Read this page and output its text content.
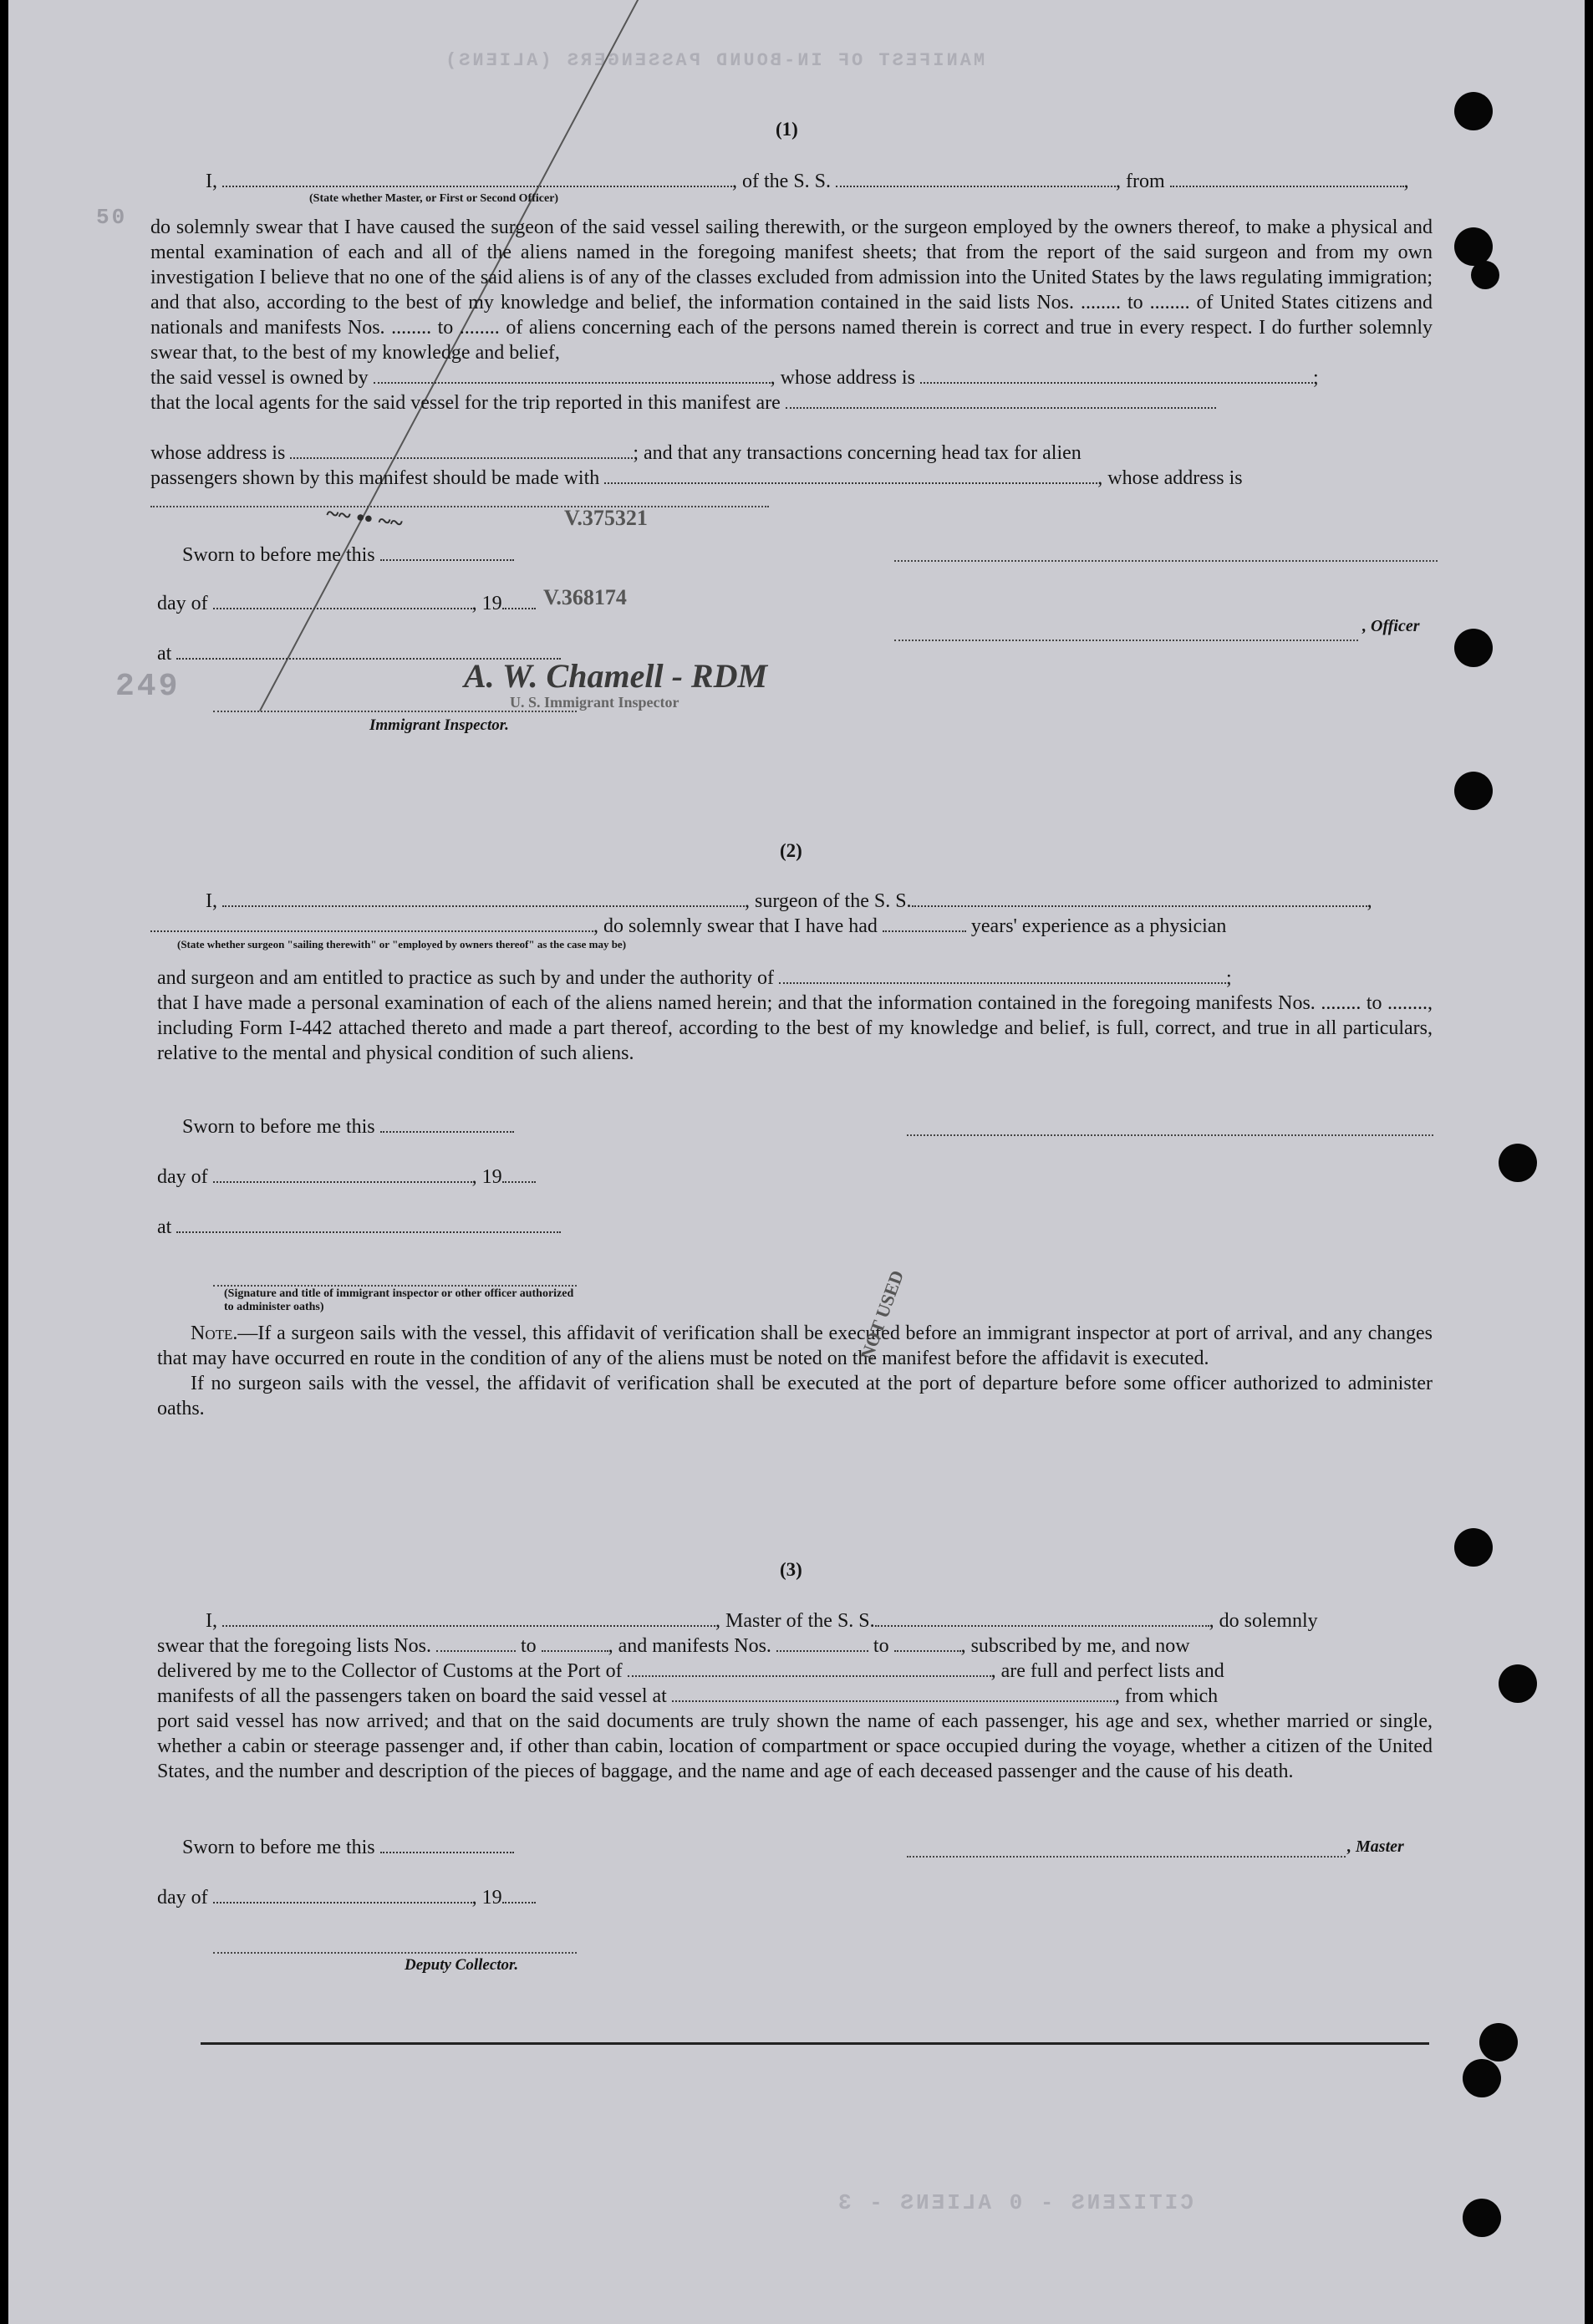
MANIFEST OF IN-BOUND PASSENGERS (ALIENS)
CITIZENS - 0 ALIENS - 3
50
249
(1)
I,	, of the S. S.	, from	,
(State whether Master, or First or Second Officer)

do solemnly swear that I have caused the surgeon of the said vessel sailing therewith, or the surgeon employed by the owners thereof, to make a physical and mental examination of each and all of the aliens named in the foregoing manifest sheets; that from the report of the said surgeon and from my own investigation I believe that no one of the said aliens is of any of the classes excluded from admission into the United States by the laws regulating immigration; and that also, according to the best of my knowledge and belief, the information contained in the said lists Nos. ........ to ........ of United States citizens and nationals and manifests Nos. ........ to ........ of aliens concerning each of the persons named therein is correct and true in every respect. I do further solemnly swear that, to the best of my knowledge and belief,

the said vessel is owned by	, whose address is	;
that the local agents for the said vessel for the trip reported in this manifest are
whose address is	; and that any transactions concerning head tax for alien
passengers shown by this manifest should be made with	, whose address is
~~ •• ~~	V.375321
V.368174
A. W. Chamell - RDM
U. S. Immigrant Inspector
Sworn to before me this
day of	, 19
at
, Officer
Immigrant Inspector.
(2)
I,	, surgeon of the S. S.	,
, do solemnly swear that I have had	years' experience as a physician
(State whether surgeon "sailing therewith" or "employed by owners thereof" as the case may be)
and surgeon and am entitled to practice as such by and under the authority of	;

that I have made a personal examination of each of the aliens named herein; and that the information contained in the foregoing manifests Nos. ........ to ........, including Form I-442 attached thereto and made a part thereof, according to the best of my knowledge and belief, is full, correct, and true in all particulars, relative to the mental and physical condition of such aliens.

Sworn to before me this
day of	, 19
at
(Signature and title of immigrant inspector or other officer authorized to administer oaths)

Note.—If a surgeon sails with the vessel, this affidavit of verification shall be executed before an immigrant inspector at port of arrival, and any changes that may have occurred en route in the condition of any of the aliens must be noted on the manifest before the affidavit is executed.

If no surgeon sails with the vessel, the affidavit of verification shall be executed at the port of departure before some officer authorized to administer oaths.

NOT USED
(3)
I,	, Master of the S. S.	, do solemnly
swear that the foregoing lists Nos.	to	, and manifests Nos.	to	, subscribed by me, and now
delivered by me to the Collector of Customs at the Port of	, are full and perfect lists and
manifests of all the passengers taken on board the said vessel at	, from which

port said vessel has now arrived; and that on the said documents are truly shown the name of each passenger, his age and sex, whether married or single, whether a cabin or steerage passenger and, if other than cabin, location of compartment or space occupied during the voyage, whether a citizen of the United States, and the number and description of the pieces of baggage, and the name and age of each deceased passenger and the cause of his death.

Sworn to before me this	, Master
day of	, 19
Deputy Collector.
